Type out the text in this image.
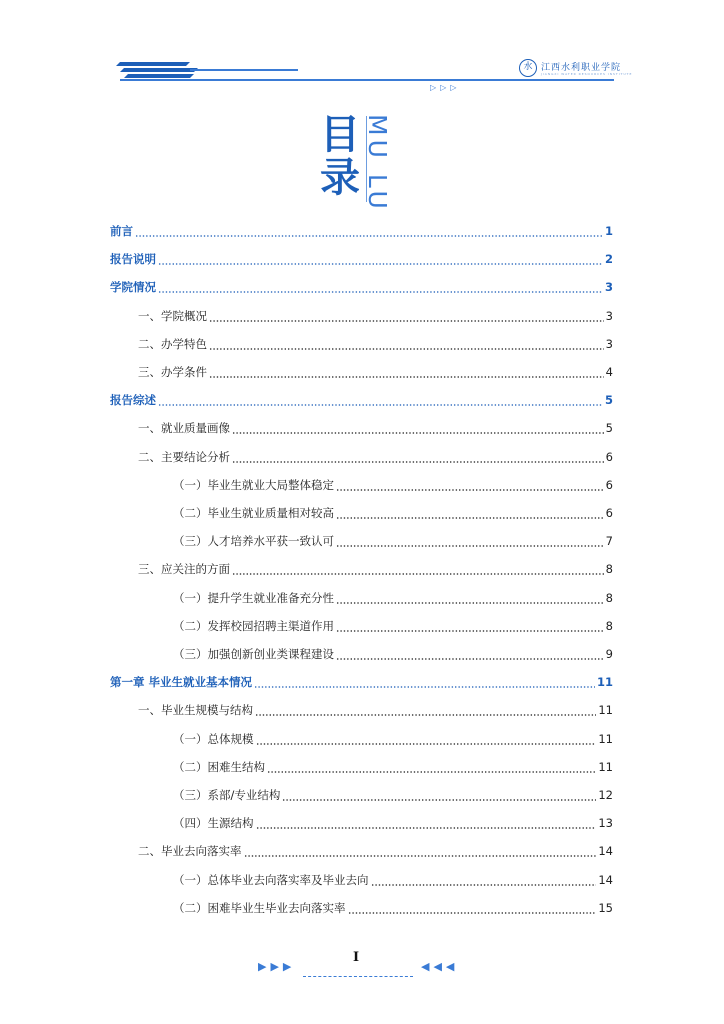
水 江西水利职业学院
JIANGXI WATER RESOURCES INSTITUTE
▷▷▷
目录 MU LU
前言	1
报告说明	2
学院情况	3
一、学院概况	3
二、办学特色	3
三、办学条件	4
报告综述	5
一、就业质量画像	5
二、主要结论分析	6
（一）毕业生就业大局整体稳定	6
（二）毕业生就业质量相对较高	6
（三）人才培养水平获一致认可	7
三、应关注的方面	8
（一）提升学生就业准备充分性	8
（二）发挥校园招聘主渠道作用	8
（三）加强创新创业类课程建设	9
第一章 毕业生就业基本情况	11
一、毕业生规模与结构	11
（一）总体规模	11
（二）困难生结构	11
（三）系部/专业结构	12
（四）生源结构	13
二、毕业去向落实率	14
（一）总体毕业去向落实率及毕业去向	14
（二）困难毕业生毕业去向落实率	15
▶▶▶
I
◀◀◀
